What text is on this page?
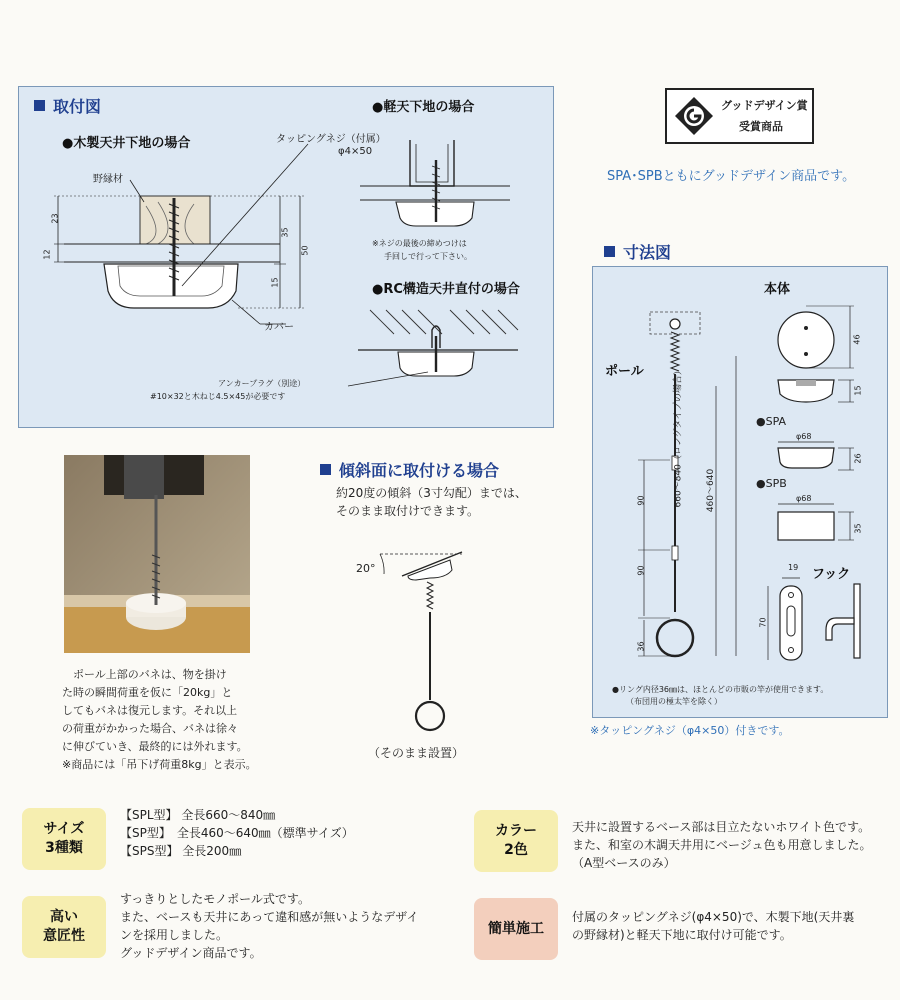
取付図
●木製天井下地の場合
●軽天下地の場合
●RC構造天井直付の場合
野縁材
タッピングネジ（付属）
φ4×50
カバー
23
12
35
15
50
※ネジの最後の締めつけは
手回しで行って下さい。
アンカープラグ（別途）
#10×32と木ねじ4.5×45が必要です
グッドデザイン賞
受賞商品
SPA･SPBともにグッドデザイン商品です。
寸法図
本体
ポール
●SPA
●SPB
フック
46
15
φ68
26
φ68
35
19
70
90
90
36
460〜640
●リング内径36㎜は、ほとんどの市販の竿が使用できます。
（布団用の極太竿を除く）
※タッピングネジ（φ4×50）付きです。
　ポール上部のバネは、物を掛け
た時の瞬間荷重を仮に「20kg」と
してもバネは復元します。それ以上
の荷重がかかった場合、バネは徐々
に伸びていき、最終的には外れます。
※商品には「吊下げ荷重8kg」と表示。
傾斜面に取付ける場合
約20度の傾斜（3寸勾配）までは、
そのまま取付けできます。
20°
（そのまま設置）
サイズ
3種類
【SPL型】 全長660〜840㎜
【SP型】　全長460〜640㎜（標準サイズ）
【SPS型】 全長200㎜
高い
意匠性
すっきりとしたモノポール式です。
また、ベースも天井にあって違和感が無いようなデザイ
ンを採用しました。
グッドデザイン商品です。
カラー
2色
天井に設置するベース部は目立たないホワイト色です。
また、和室の木調天井用にベージュ色も用意しました。
（A型ベースのみ）
簡単施工
付属のタッピングネジ(φ4×50)で、木製下地(天井裏
の野縁材)と軽天下地に取付け可能です。
